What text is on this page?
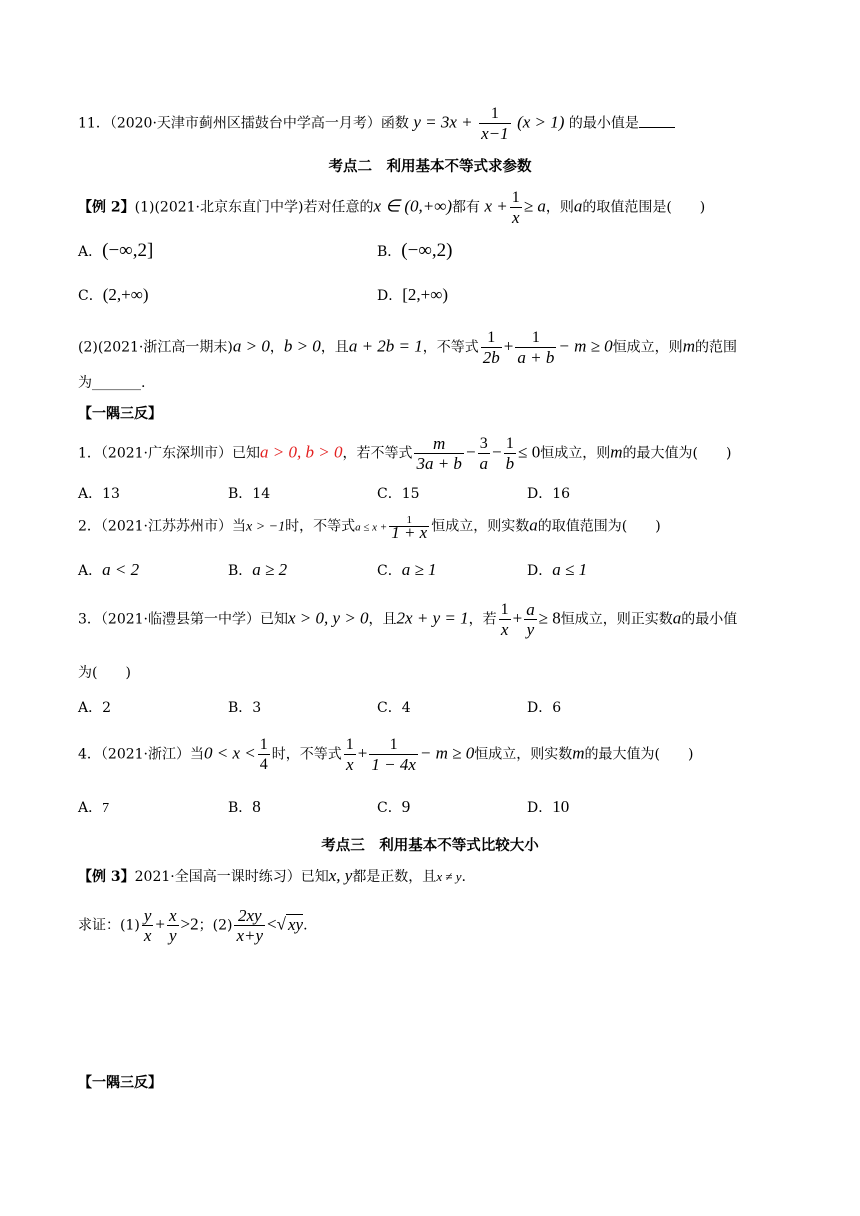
11．（2020·天津市蓟州区擂鼓台中学高一月考）函数 $y = 3x + \frac{1}{x-1} (x > 1)$ 的最小值是
考点二　利用基本不等式求参数
【例 2】(1)(2021·北京东直门中学)若对任意的x ∈ (0,+∞)都有 $x + \frac{1}{x} \ge a$，则a的取值范围是(　　)
A．(−∞,2]	B．(−∞,2)
C．(2,+∞)	D．[2,+∞)
(2)(2021·浙江高一期末)a > 0，b > 0，且a + 2b = 1，不等式 $\frac{1}{2b} + \frac{1}{a + b} - m \ge 0$恒成立，则m的范围
为_______.
【一隅三反】
1．（2021·广东深圳市）已知a > 0, b > 0，若不等式 $\frac{m}{3a + b} - \frac{3}{a} - \frac{1}{b} \le 0$恒成立，则m的最大值为(　　)
A．13	B．14	C．15	D．16
2．（2021·江苏苏州市）当x > −1时，不等式$a \le x + \frac{1}{1 + x}$ 恒成立，则实数a的取值范围为(　　)
A．a < 2	B．a ≥ 2	C．a ≥ 1	D．a ≤ 1
3．（2021·临澧县第一中学）已知x > 0, y > 0，且2x + y = 1，若 $\frac{1}{x} + \frac{a}{y} \ge 8$恒成立，则正实数a的最小值
为(　　)
A．2	B．3	C．4	D．6
4．（2021·浙江）当$0 < x < \frac{1}{4}$ 时，不等式 $\frac{1}{x} + \frac{1}{1 - 4x} - m \ge 0$恒成立，则实数m的最大值为(　　)
A．7	B．8	C．9	D．10
考点三　利用基本不等式比较大小
【例 3】2021·全国高一课时练习）已知x, y都是正数，且x ≠ y.
求证：$(1) \frac{y}{x} + \frac{x}{y} >2$；$(2) \frac{2xy}{x+y}$ <√ xy.
【一隅三反】
